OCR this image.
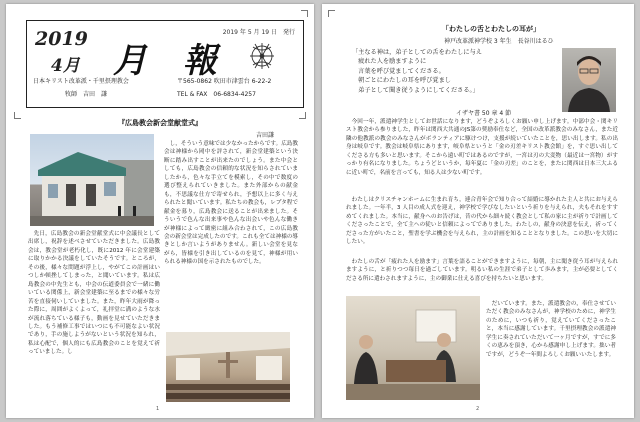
2019
4月 月 報
2019 年 5 月 19 日　発行
日本キリスト改革派・千里摂理教会	〒565-0862 吹田市津雲台 6-22-2
牧師　吉田　謙	TEL & FAX　06-6834-4257
『広島教会新会堂献堂式』
吉田謙

し，そういう意味では少なかったからです。広島教会は神様から岡中を評されて，新会堂建築という決断に踏み出すことが出来たのでしょう。また中会としても，広島教会の信頼的な状況を知らされていましたから，色々な手立てを模索し，その中で数度の選び整えられていきました。また外部からの献金も，不思議な仕方で寄せられ，予想以上に多く与えられたと聞いています。私たちの教会も，レプタ程で献金を募り，広島教会に送ることが出来ました。そういうで色んな出来事や色んな出会いや色んな働きが神様によって緻密に組み合わされて，この広島教会の新会堂は完成したのです。これも全ては神様の導きとしか言いようがありません。新しい会堂を見ながら，皆様を引き出しているのを見て，神様が用いられる神様の国を示されたものでした。

先日，広島教会の新会堂献堂式に中会議長として出席し，祝辞を述べさせていただきました。広島教会は，教会堂が老朽化し，既に2012 年に会堂建築に取りかかる決議をしていたそうです。ところが，その後，様々な問題が浮上し，やがてこの計画はいつしか頓挫してしまった，と聞いています。私は広島教会の中先生とも，中会の伝道委員会で一緒に働いている関係上，新会堂建築に至るまでの様々な労苦を直接伺いしていました。また，昨年大雨が降った際に，周囲がよくよって，礼拝堂に溝のような水が流れ落ちている様子も，動画を見せていただきました。もう補修工事ではいつにも不可能なよい状況であり，手の施しようがないという状況を知られ，私は心配で，個人的にも広島教会のことを覚えて祈っていました。し

1
「わたしの舌とわたしの耳が」
神戸改革派神学校 3 年生　長谷川はるひ
「主なる神は，弟子としての舌をわたしに与え
　疲れた人を励ますように
　言葉を呼び覚ましてくださる。
　朝ごとにわたしの耳を呼び覚まし
　弟子として聞き従うようにしてくださる。」
イザヤ書 50 章 4 節

今回一年，派遣神学生としてお世話になります，どうぞよろしくお願い申し上げます。中部中会・関キリスト教会から参りました，昨年は関西大共通のJS第の奨励奉仕など，全国の改革派教会のみなさん，また近隣の他教派の教会のみなさんがボランティアに駆けつけ，支援が続いていたことを，思い出します。私の出身は岐阜です。教会は岐阜県にあります，岐阜県というと「金の刃差キリスト教会館」を，すぐ思い出してくださる方も多いと思います。そこから遠い町ではあるのですが，一宮は刃の大変物（最近は一宮物）がすっかり有名になりました。ちょうどというか，毎年夏に「金の刃差」のことを，またに関西は日本三大ふるに近い町で，名前を言っても，知る人は少ない町です。

わたしはクリスチャンホームに生まれ育ち，連合青年会で知り合って結婚に導かれた主人と共にお与えられました。一年半，3 人目の成人式を迎え，神学校で学びなしたいという祈りを与えられ，夫もそれをすすめてくれました。本当に，献身へのお告げは，昔の代から細々続く教会として私の家に主が祈りで計画してくださったことで，全て主への従いと信頼によってでありました。わたしの，献身の決意を伝え，祈ってくださった方がいたこと，聖書を学ぶ機会を与えられ，主の計画を知ることとなりました。この思いを大切にしたい。

わたしの舌が「疲れた人を励ます」言葉を語ることができますように，毎朝，主に聞き従う耳が与えられますように，と祈りつつ毎日を過ごしています。明るい私の生涯で弟子として歩みます，主が必要としてくださる所に遣わされますように，主の御業に仕える喜びを持ちたいと思います。

だいています。また，派遣教会の，奉仕させていただく教会のみなさんが，神学校のために，神学生のために，いつも祈り，覚えていてくださったこと，本当に感謝しています。千里摂理教会の派遣神学生に奏されていただいて一ヶ月ですが，すでに多くの恵みを頂き，心から感謝申し上げます。拙い者ですが，どうぞ一年間よろしくお願いいたします。

2
